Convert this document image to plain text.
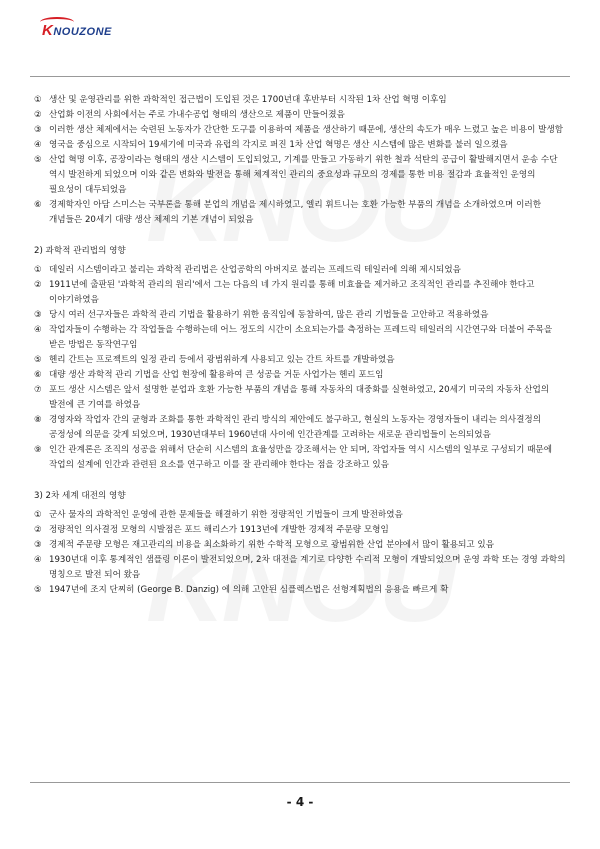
KNOUZONE
① 생산 및 운영관리를 위한 과학적인 접근법이 도입된 것은 1700년대 후반부터 시작된 1차 산업 혁명 이후임
② 산업화 이전의 사회에서는 주로 가내수공업 형태의 생산으로 제품이 만들어졌음
③ 이러한 생산 체제에서는 숙련된 노동자가 간단한 도구를 이용하여 제품을 생산하기 때문에, 생산의 속도가 매우 느렸고 높은 비용이 발생함
④ 영국을 중심으로 시작되어 19세기에 미국과 유럽의 각지로 퍼진 1차 산업 혁명은 생산 시스템에 많은 변화를 불러 일으켰음
⑤ 산업 혁명 이후, 공장이라는 형태의 생산 시스템이 도입되었고, 기계를 만들고 가동하기 위한 철과 석탄의 공급이 활발해지면서 운송 수단 역시 발전하게 되었으며 이와 같은 변화와 발전을 통해 체계적인 관리의 중요성과 규모의 경제를 통한 비용 절감과 효율적인 운영의 필요성이 대두되었음
⑥ 경제학자인 아담 스미스는 국부론을 통해 분업의 개념을 제시하였고, 엘리 휘트니는 호환 가능한 부품의 개념을 소개하였으며 이러한 개념들은 20세기 대량 생산 체제의 기본 개념이 되었음
2) 과학적 관리법의 영향
① 데일러 시스템이라고 불리는 과학적 관리법은 산업공학의 아버지로 불리는 프레드릭 테일러에 의해 제시되었음
② 1911년에 출판된 '과학적 관리의 원리'에서 그는 다음의 네 가지 원리를 통해 비효율을 제거하고 조직적인 관리를 추진해야 한다고 이야기하였음
③ 당시 여러 선구자들은 과학적 관리 기법을 활용하기 위한 움직임에 동참하여, 많은 관리 기법들을 고안하고 적용하였음
④ 작업자들이 수행하는 각 작업들을 수행하는데 어느 정도의 시간이 소요되는가를 측정하는 프레드릭 테일러의 시간연구와 더불어 주목을 받은 방법은 동작연구임
⑤ 헨리 간트는 프로젝트의 일정 관리 등에서 광범위하게 사용되고 있는 간트 차트를 개발하였음
⑥ 대량 생산 과학적 관리 기법을 산업 현장에 활용하여 큰 성공을 거둔 사업가는 헨리 포드임
⑦ 포드 생산 시스템은 앞서 설명한 분업과 호환 가능한 부품의 개념을 통해 자동차의 대중화를 실현하였고, 20세기 미국의 자동차 산업의 발전에 큰 기여를 하였음
⑧ 경영자와 작업자 간의 균형과 조화를 통한 과학적인 관리 방식의 제안에도 불구하고, 현실의 노동자는 경영자들이 내리는 의사결정의 공정성에 의문을 갖게 되었으며, 1930년대부터 1960년대 사이에 인간관계를 고려하는 새로운 관리법들이 논의되었음
⑨ 인간 관계론은 조직의 성공을 위해서 단순히 시스템의 효율성만을 강조해서는 안 되며, 작업자들 역시 시스템의 일부로 구성되기 때문에 작업의 설계에 인간과 관련된 요소를 연구하고 이를 잘 관리해야 한다는 점을 강조하고 있음
3) 2차 세계 대전의 영향
① 군사 물자의 과학적인 운영에 관한 문제들을 해결하기 위한 정량적인 기법들이 크게 발전하였음
② 정량적인 의사결정 모형의 시발점은 포드 해리스가 1913년에 개발한 경제적 주문량 모형임
③ 경제적 주문량 모형은 재고관리의 비용을 최소화하기 위한 수학적 모형으로 광범위한 산업 분야에서 많이 활용되고 있음
④ 1930년대 이후 통계적인 샘플링 이론이 발전되었으며, 2차 대전을 계기로 다양한 수리적 모형이 개발되었으며 운영 과학 또는 경영 과학의 명칭으로 발전 되어 왔음
⑤ 1947년에 조지 단찌히 (George B. Danzig) 에 의해 고안된 심플렉스법은 선형계획법의 응용을 빠르게 확
- 4 -
